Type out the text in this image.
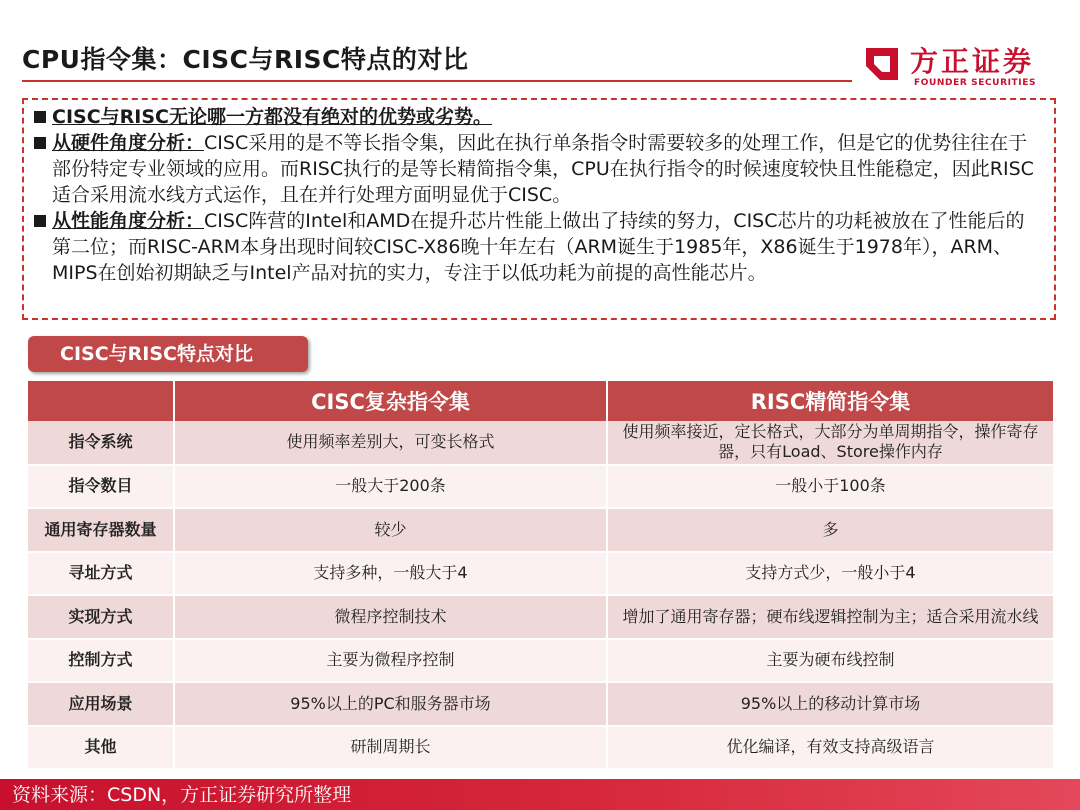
CPU指令集：CISC与RISC特点的对比	方正证券
FOUNDER SECURITIES
CISC与RISC无论哪一方都没有绝对的优势或劣势。
从硬件角度分析：CISC采用的是不等长指令集，因此在执行单条指令时需要较多的处理工作，但是它的优势往往在于部份特定专业领域的应用。而RISC执行的是等长精简指令集，CPU在执行指令的时候速度较快且性能稳定，因此RISC适合采用流水线方式运作，且在并行处理方面明显优于CISC。
从性能角度分析：CISC阵营的Intel和AMD在提升芯片性能上做出了持续的努力，CISC芯片的功耗被放在了性能后的第二位；而RISC-ARM本身出现时间较CISC-X86晚十年左右（ARM诞生于1985年，X86诞生于1978年），ARM、MIPS在创始初期缺乏与Intel产品对抗的实力，专注于以低功耗为前提的高性能芯片。
CISC与RISC特点对比
	CISC复杂指令集	RISC精简指令集
指令系统	使用频率差别大，可变长格式	使用频率接近，定长格式，大部分为单周期指令，操作寄存器，只有Load、Store操作内存
指令数目	一般大于200条	一般小于100条
通用寄存器数量	较少	多
寻址方式	支持多种，一般大于4	支持方式少，一般小于4
实现方式	微程序控制技术	增加了通用寄存器；硬布线逻辑控制为主；适合采用流水线
控制方式	主要为微程序控制	主要为硬布线控制
应用场景	95%以上的PC和服务器市场	95%以上的移动计算市场
其他	研制周期长	优化编译，有效支持高级语言
资料来源：CSDN，方正证券研究所整理
